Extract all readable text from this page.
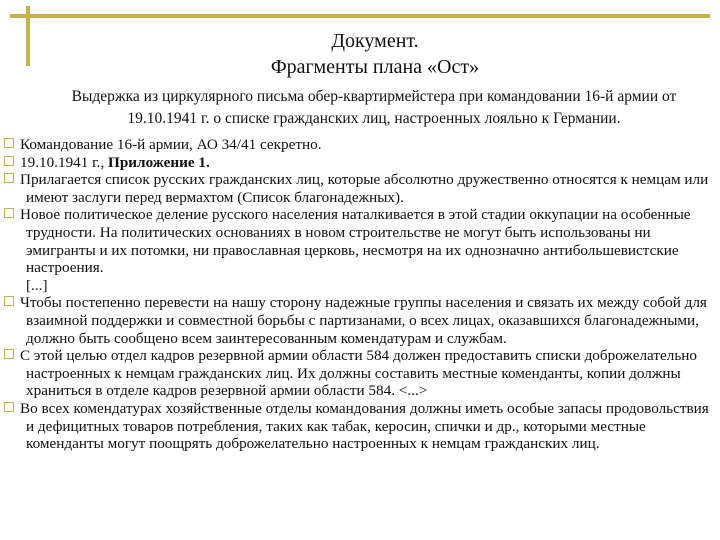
Документ.
Фрагменты плана «Ост»
Выдержка из циркулярного письма обер-квартирмейстера при командовании 16-й армии от 19.10.1941 г. о списке гражданских лиц, настроенных лояльно к Германии.

Командование 16-й армии, АО 34/41 секретно.

19.10.1941 г., Приложение 1.

Прилагается список русских гражданских лиц, которые абсолютно дружественно относятся к немцам или имеют заслуги перед вермахтом (Список благонадежных).

Новое политическое деление русского населения наталкивается в этой стадии оккупации на особенные трудности. На политических основаниях в новом строительстве не могут быть использованы ни эмигранты и их потомки, ни православная церковь, несмотря на их однозначно антибольшевистские настроения.
[...]

Чтобы постепенно перевести на нашу сторону надежные группы населения и связать их между собой для взаимной поддержки и совместной борьбы с партизанами, о всех лицах, оказавшихся благонадежными, должно быть сообщено всем заинтересованным комендатурам и службам.

С этой целью отдел кадров резервной армии области 584 должен предоставить списки доброжелательно настроенных к немцам гражданских лиц. Их должны составить местные коменданты, копии должны храниться в отделе кадров резервной армии области 584. <...>

Во всех комендатурах хозяйственные отделы командования должны иметь особые запасы продовольствия и дефицитных товаров потребления, таких как табак, керосин, спички и др., которыми местные коменданты могут поощрять доброжелательно настроенных к немцам гражданских лиц.
